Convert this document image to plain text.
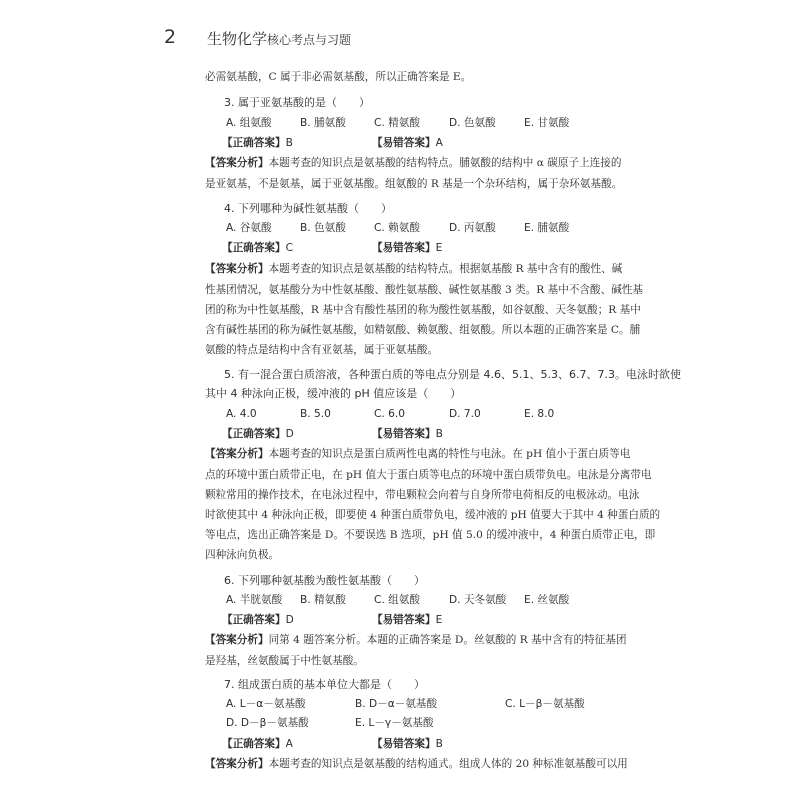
2 生物化学核心考点与习题
必需氨基酸，C 属于非必需氨基酸，所以正确答案是 E。
3. 属于亚氨基酸的是（　　）
A. 组氨酸	B. 脯氨酸	C. 精氨酸	D. 色氨酸	E. 甘氨酸
【正确答案】B	【易错答案】A
【答案分析】本题考查的知识点是氨基酸的结构特点。脯氨酸的结构中 α 碳原子上连接的
是亚氨基，不是氨基，属于亚氨基酸。组氨酸的 R 基是一个杂环结构，属于杂环氨基酸。
4. 下列哪种为碱性氨基酸（　　）
A. 谷氨酸	B. 色氨酸	C. 赖氨酸	D. 丙氨酸	E. 脯氨酸
【正确答案】C	【易错答案】E
【答案分析】本题考查的知识点是氨基酸的结构特点。根据氨基酸 R 基中含有的酸性、碱
性基团情况，氨基酸分为中性氨基酸、酸性氨基酸、碱性氨基酸 3 类。R 基中不含酸、碱性基
团的称为中性氨基酸，R 基中含有酸性基团的称为酸性氨基酸，如谷氨酸、天冬氨酸；R 基中
含有碱性基团的称为碱性氨基酸，如精氨酸、赖氨酸、组氨酸。所以本题的正确答案是 C。脯
氨酸的特点是结构中含有亚氨基，属于亚氨基酸。
5. 有一混合蛋白质溶液，各种蛋白质的等电点分别是 4.6、5.1、5.3、6.7、7.3。电泳时欲使
其中 4 种泳向正极，缓冲液的 pH 值应该是（　　）
A. 4.0	B. 5.0	C. 6.0	D. 7.0	E. 8.0
【正确答案】D	【易错答案】B
【答案分析】本题考查的知识点是蛋白质两性电离的特性与电泳。在 pH 值小于蛋白质等电
点的环境中蛋白质带正电，在 pH 值大于蛋白质等电点的环境中蛋白质带负电。电泳是分离带电
颗粒常用的操作技术，在电泳过程中，带电颗粒会向着与自身所带电荷相反的电极泳动。电泳
时欲使其中 4 种泳向正极，即要使 4 种蛋白质带负电，缓冲液的 pH 值要大于其中 4 种蛋白质的
等电点，选出正确答案是 D。不要误选 B 选项，pH 值 5.0 的缓冲液中，4 种蛋白质带正电，即
四种泳向负极。
6. 下列哪种氨基酸为酸性氨基酸（　　）
A. 半胱氨酸 B. 精氨酸	C. 组氨酸	D. 天冬氨酸 E. 丝氨酸
【正确答案】D	【易错答案】E
【答案分析】同第 4 题答案分析。本题的正确答案是 D。丝氨酸的 R 基中含有的特征基团
是羟基，丝氨酸属于中性氨基酸。
7. 组成蛋白质的基本单位大都是（　　）
A. L－α－氨基酸	B. D－α－氨基酸	C. L－β－氨基酸
D. D－β－氨基酸	E. L－γ－氨基酸
【正确答案】A	【易错答案】B
【答案分析】本题考查的知识点是氨基酸的结构通式。组成人体的 20 种标准氨基酸可以用
